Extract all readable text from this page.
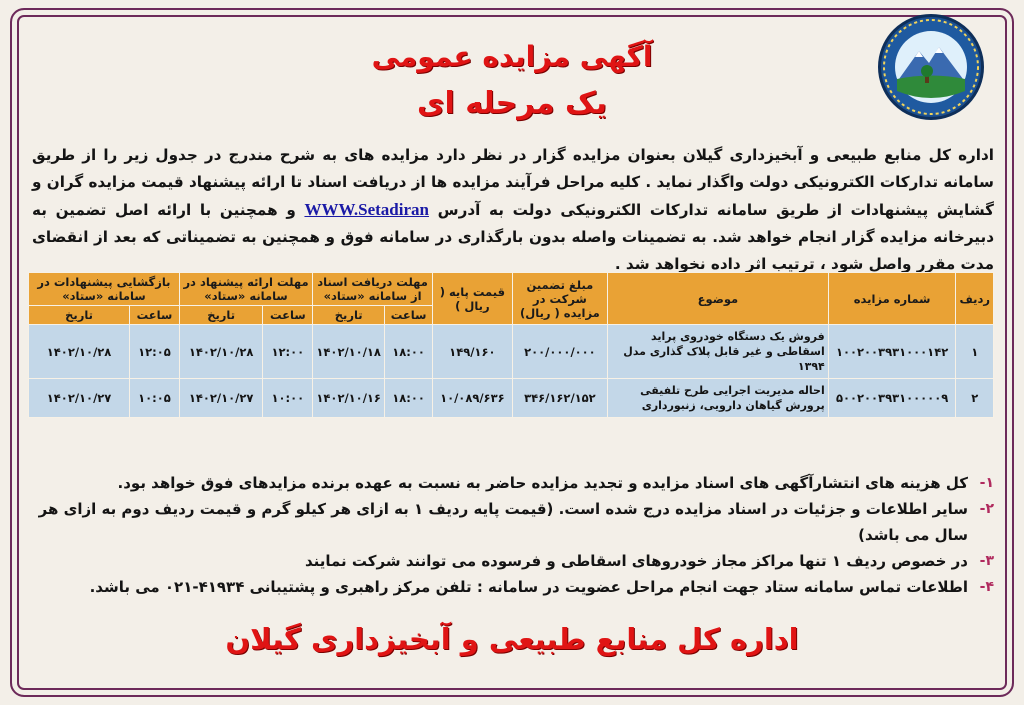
آگهی مزایده عمومی
یک مرحله ای
اداره کل منابع طبیعی و آبخیزداری گیلان بعنوان مزایده گزار در نظر دارد مزایده های به شرح مندرج در جدول زیر را از طریق سامانه تدارکات الکترونیکی دولت واگذار نماید . کلیه مراحل فرآیند مزایده ها از دریافت اسناد تا ارائه پیشنهاد قیمت مزایده گران و گشایش پیشنهادات از طریق سامانه تدارکات الکترونیکی دولت به آدرس WWW.Setadiran و همچنین با ارائه اصل تضمین به دبیرخانه مزایده گزار انجام خواهد شد. به تضمینات واصله بدون بارگذاری در سامانه فوق و همچنین به تضمیناتی که بعد از انقضای مدت مقرر واصل شود ، ترتیب اثر داده نخواهد شد .
ردیف	شماره مزایده	موضوع	مبلغ تضمین شرکت در مزایده ( ریال)	قیمت پایه ( ریال )	مهلت دریافت اسناد از سامانه «ستاد»		مهلت ارائه پیشنهاد در سامانه «ستاد»		بازگشایی پیشنهادات در سامانه «ستاد»	
					ساعت	تاریخ	ساعت	تاریخ	ساعت	تاریخ
۱	۱۰۰۲۰۰۳۹۳۱۰۰۰۱۴۲	فروش یک دستگاه خودروی پراید اسقاطی و غیر قابل پلاک گذاری مدل ۱۳۹۴	۲۰۰/۰۰۰/۰۰۰	۱۴۹/۱۶۰	۱۸:۰۰	۱۴۰۲/۱۰/۱۸	۱۲:۰۰	۱۴۰۲/۱۰/۲۸	۱۲:۰۵	۱۴۰۲/۱۰/۲۸
۲	۵۰۰۲۰۰۳۹۳۱۰۰۰۰۰۹	احاله مدیریت اجرایی طرح تلفیقی پرورش گیاهان دارویی، زنبورداری	۳۴۶/۱۶۲/۱۵۲	۱۰/۰۸۹/۶۳۶	۱۸:۰۰	۱۴۰۲/۱۰/۱۶	۱۰:۰۰	۱۴۰۲/۱۰/۲۷	۱۰:۰۵	۱۴۰۲/۱۰/۲۷
۱-
کل هزینه های انتشارآگهی های اسناد مزایده و تجدید مزایده حاضر به نسبت به عهده برنده مزایدهای فوق خواهد بود.
۲-
سایر اطلاعات و جزئیات در اسناد مزایده درج شده است. (قیمت پایه ردیف ۱ به ازای هر کیلو گرم و قیمت ردیف دوم به ازای هر سال می باشد)
۳-
در خصوص ردیف ۱ تنها مراکز مجاز خودروهای اسقاطی و فرسوده می توانند شرکت نمایند
۴-
اطلاعات تماس سامانه ستاد جهت انجام مراحل عضویت در سامانه : تلفن مرکز راهبری و پشتیبانی ۴۱۹۳۴-۰۲۱ می باشد.
اداره کل منابع طبیعی و آبخیزداری گیلان
